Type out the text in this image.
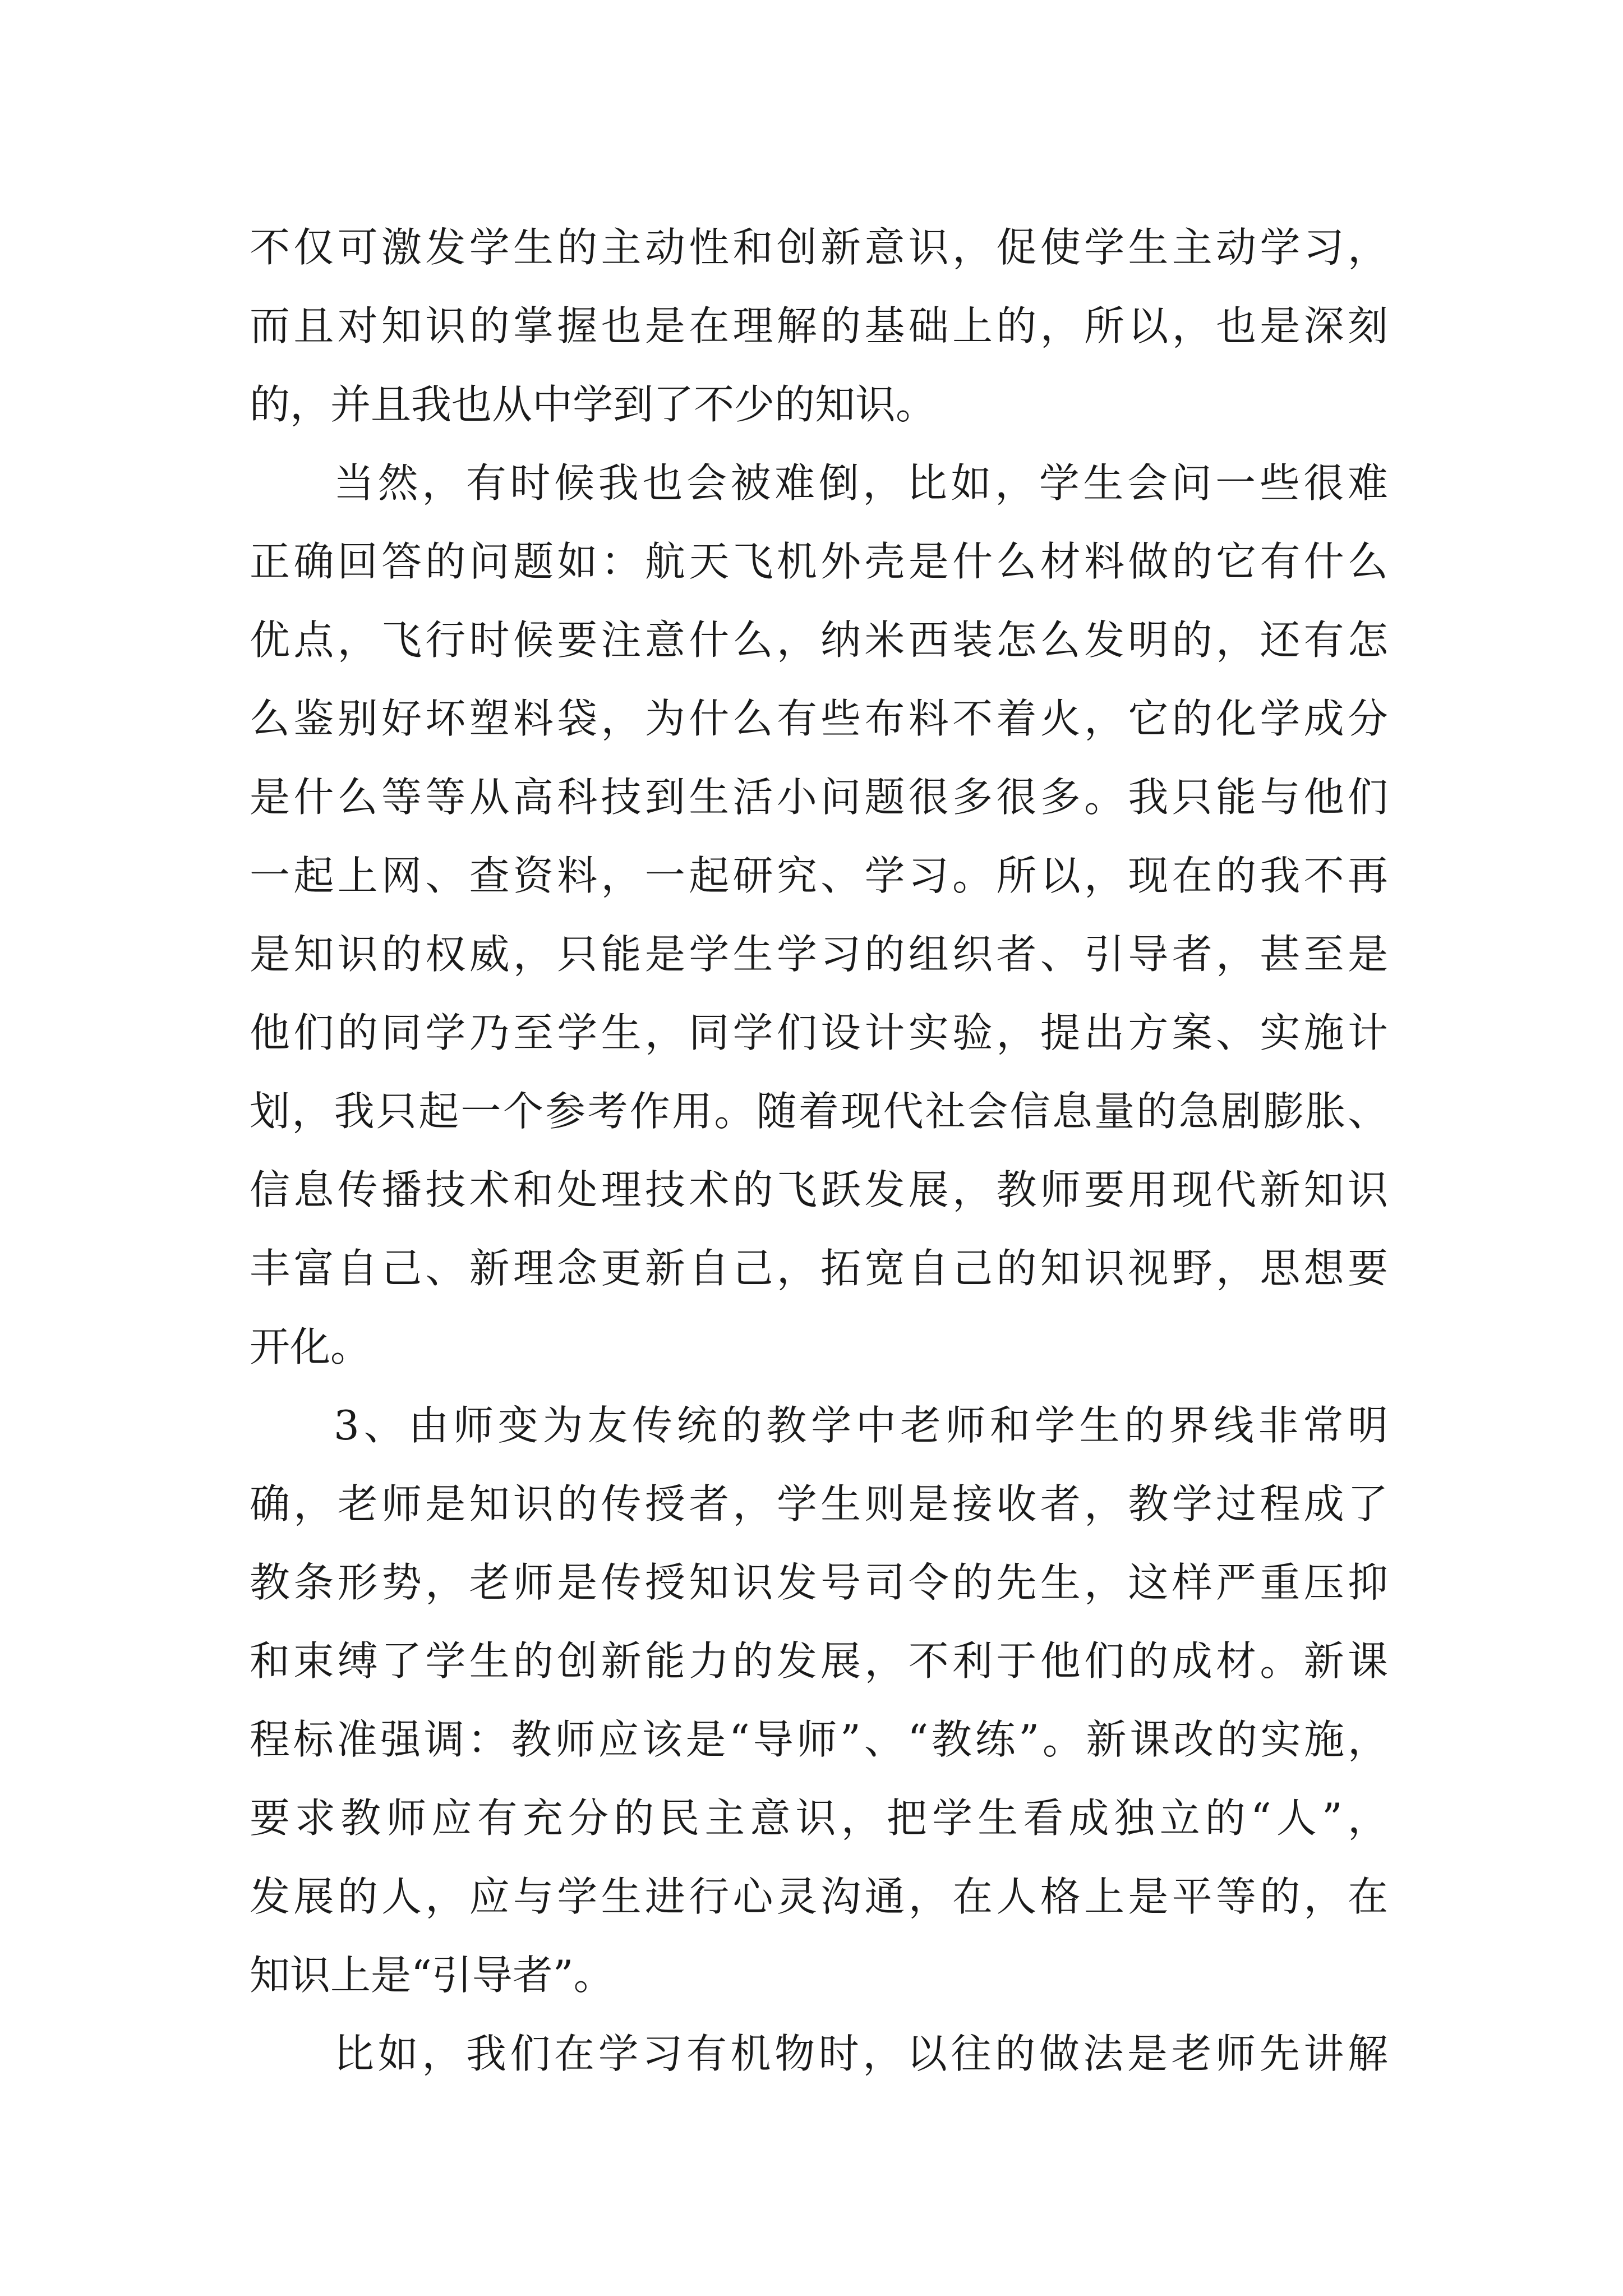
不仅可激发学生的主动性和创新意识，促使学生主动学习，
而且对知识的掌握也是在理解的基础上的，所以，也是深刻
的，并且我也从中学到了不少的知识。
当然，有时候我也会被难倒，比如，学生会问一些很难
正确回答的问题如：航天飞机外壳是什么材料做的它有什么
优点，飞行时候要注意什么，纳米西装怎么发明的，还有怎
么鉴别好坏塑料袋，为什么有些布料不着火，它的化学成分
是什么等等从高科技到生活小问题很多很多。我只能与他们
一起上网、查资料，一起研究、学习。所以，现在的我不再
是知识的权威，只能是学生学习的组织者、引导者，甚至是
他们的同学乃至学生，同学们设计实验，提出方案、实施计
划，我只起一个参考作用。随着现代社会信息量的急剧膨胀、
信息传播技术和处理技术的飞跃发展，教师要用现代新知识
丰富自己、新理念更新自己，拓宽自己的知识视野，思想要
开化。
3、由师变为友传统的教学中老师和学生的界线非常明
确，老师是知识的传授者，学生则是接收者，教学过程成了
教条形势，老师是传授知识发号司令的先生，这样严重压抑
和束缚了学生的创新能力的发展，不利于他们的成材。新课
程标准强调：教师应该是“导师”、“教练”。新课改的实施，
要求教师应有充分的民主意识，把学生看成独立的“人”，
发展的人，应与学生进行心灵沟通，在人格上是平等的，在
知识上是“引导者”。
比如，我们在学习有机物时，以往的做法是老师先讲解
